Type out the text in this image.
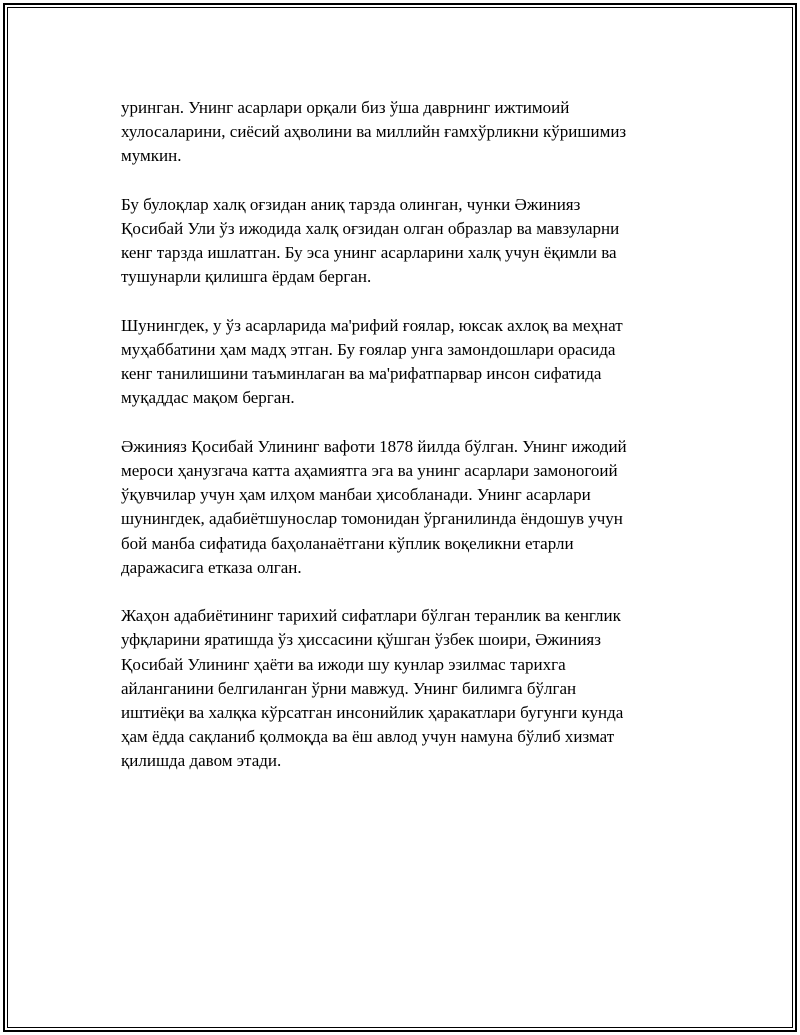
уринган. Унинг асарлари орқали биз ўша даврнинг ижтимоий
хулосаларини, сиёсий аҳволини ва миллийн ғамхўрликни кўришимиз
мумкин.

Бу булоқлар халқ оғзидан аниқ тарзда олинган, чунки Әжинияз
Қосибай Ули ўз ижодида халқ оғзидан олган образлар ва мавзуларни
кенг тарзда ишлатган. Бу эса унинг асарларини халқ учун ёқимли ва
тушунарли қилишга ёрдам берган.

Шунингдек, у ўз асарларида ма'рифий ғоялар, юксак ахлоқ ва меҳнат
муҳаббатини ҳам мадҳ этган. Бу ғоялар унга замондошлари орасида
кенг танилишини таъминлаган ва ма'рифатпарвар инсон сифатида
муқаддас мақом берган.

Әжинияз Қосибай Улининг вафоти 1878 йилда бўлган. Унинг ижодий
мероси ҳанузгача катта аҳамиятга эга ва унинг асарлари замоногоий
ўқувчилар учун ҳам илҳом манбаи ҳисобланади. Унинг асарлари
шунингдек, адабиётшунослар томонидан ўрганилинда ёндошув учун
бой манба сифатида баҳоланаётгани кўплик воқеликни етарли
даражасига етказа олган.

Жаҳон адабиётининг тарихий сифатлари бўлган теранлик ва кенглик
уфқларини яратишда ўз ҳиссасини қўшган ўзбек шоири, Әжинияз
Қосибай Улининг ҳаёти ва ижоди шу кунлар эзилмас тарихга
айланганини белгиланган ўрни мавжуд. Унинг билимга бўлган
иштиёқи ва халқка кўрсатган инсонийлик ҳаракатлари бугунги кунда
ҳам ёдда сақланиб қолмоқда ва ёш авлод учун намуна бўлиб хизмат
қилишда давом этади.
